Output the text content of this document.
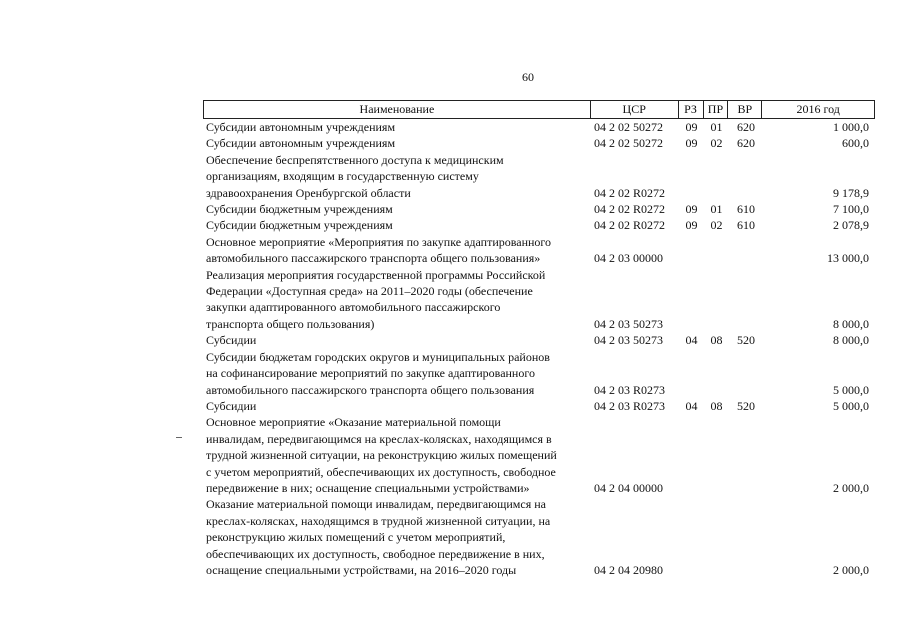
60
Наименование	ЦСР	РЗ ПР	ВР	2016 год
Субсидии автономным учреждениям	04 2 02 50272	09	01	620	1 000,0
Субсидии автономным учреждениям	04 2 02 50272	09	02	620	600,0
Обеспечение беспрепятственного доступа к медицинским
организациям, входящим в государственную систему
здравоохранения Оренбургской области	04 2 02 R0272	9 178,9
Субсидии бюджетным учреждениям	04 2 02 R0272	09	01	610	7 100,0
Субсидии бюджетным учреждениям	04 2 02 R0272	09	02	610	2 078,9
Основное мероприятие «Мероприятия по закупке адаптированного
автомобильного пассажирского транспорта общего пользования»	04 2 03 00000	13 000,0
Реализация мероприятия государственной программы Российской
Федерации «Доступная среда» на 2011–2020 годы (обеспечение
закупки адаптированного автомобильного пассажирского
транспорта общего пользования)	04 2 03 50273	8 000,0
Субсидии	04 2 03 50273	04	08	520	8 000,0
Субсидии бюджетам городских округов и муниципальных районов
на софинансирование мероприятий по закупке адаптированного
автомобильного пассажирского транспорта общего пользования	04 2 03 R0273	5 000,0
Субсидии	04 2 03 R0273	04	08	520	5 000,0
Основное мероприятие «Оказание материальной помощи
инвалидам, передвигающимся на креслах-колясках, находящимся в
трудной жизненной ситуации, на реконструкцию жилых помещений
с учетом мероприятий, обеспечивающих их доступность, свободное
передвижение в них; оснащение специальными устройствами»	04 2 04 00000	2 000,0
Оказание материальной помощи инвалидам, передвигающимся на
креслах-колясках, находящимся в трудной жизненной ситуации, на
реконструкцию жилых помещений с учетом мероприятий,
обеспечивающих их доступность, свободное передвижение в них,
оснащение специальными устройствами, на 2016–2020 годы	04 2 04 20980	2 000,0
